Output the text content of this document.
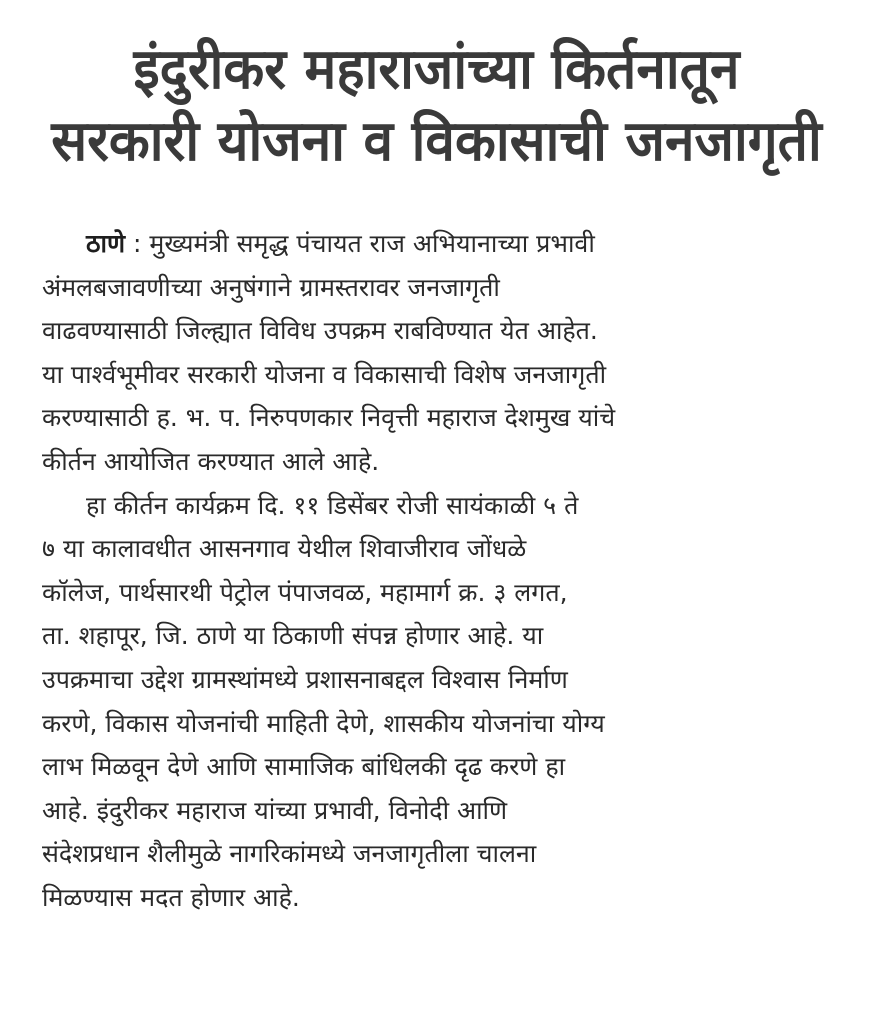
इंदुरीकर महाराजांच्या किर्तनातून
सरकारी योजना व विकासाची जनजागृती
ठाणे : मुख्यमंत्री समृद्ध पंचायत राज अभियानाच्या प्रभावी
अंमलबजावणीच्या अनुषंगाने ग्रामस्तरावर जनजागृती
वाढवण्यासाठी जिल्ह्यात विविध उपक्रम राबविण्यात येत आहेत.
या पार्श्वभूमीवर सरकारी योजना व विकासाची विशेष जनजागृती
करण्यासाठी ह. भ. प. निरुपणकार निवृत्ती महाराज देशमुख यांचे
कीर्तन आयोजित करण्यात आले आहे.
हा कीर्तन कार्यक्रम दि. ११ डिसेंबर रोजी सायंकाळी ५ ते
७ या कालावधीत आसनगाव येथील शिवाजीराव जोंधळे
कॉलेज, पार्थसारथी पेट्रोल पंपाजवळ, महामार्ग क्र. ३ लगत,
ता. शहापूर, जि. ठाणे या ठिकाणी संपन्न होणार आहे. या
उपक्रमाचा उद्देश ग्रामस्थांमध्ये प्रशासनाबद्दल विश्वास निर्माण
करणे, विकास योजनांची माहिती देणे, शासकीय योजनांचा योग्य
लाभ मिळवून देणे आणि सामाजिक बांधिलकी दृढ करणे हा
आहे. इंदुरीकर महाराज यांच्या प्रभावी, विनोदी आणि
संदेशप्रधान शैलीमुळे नागरिकांमध्ये जनजागृतीला चालना
मिळण्यास मदत होणार आहे.
